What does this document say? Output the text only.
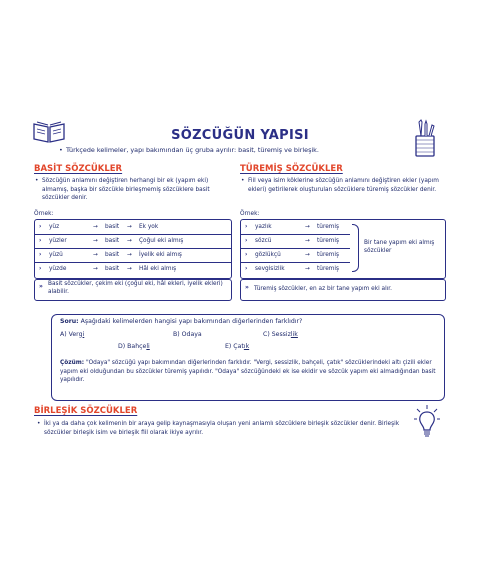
SÖZCÜĞÜN YAPISI
• Türkçede kelimeler, yapı bakımından üç gruba ayrılır: basit, türemiş ve birleşik.
BASİT SÖZCÜKLER
• Sözcüğün anlamını değiştiren herhangi bir ek (yapım eki) almamış, başka bir sözcükle birleşmemiş sözcüklere basit sözcükler denir.
Örnek:
› yüz	→ basit → Ek yok
› yüzler	→ basit → Çoğul eki almış
› yüzü	→ basit → İyelik eki almış
› yüzde	→ basit → Hâl eki almış
» Basit sözcükler, çekim eki (çoğul eki, hâl ekleri, iyelik ekleri) alabilir.
TÜREMİŞ SÖZCÜKLER
• Fiil veya isim köklerine sözcüğün anlamını değiştiren ekler (yapım ekleri) getirilerek oluşturulan sözcüklere türemiş sözcükler denir.
Örnek:
› yazlık	→ türemiş
› sözcü	→ türemiş
› gözlükçü	→ türemiş
› sevgisizlik	→ türemiş
Bir tane yapım eki almış sözcükler
» Türemiş sözcükler, en az bir tane yapım eki alır.
Soru: Aşağıdaki kelimelerden hangisi yapı bakımından diğerlerinden farklıdır?
A) Vergi	B) Odaya	C) Sessizlik
D) Bahçeli	E) Çatık
Çözüm: "Odaya" sözcüğü yapı bakımından diğerlerinden farklıdır. "Vergi, sessizlik, bahçeli, çatık" sözcüklerindeki altı çizili ekler yapım eki olduğundan bu sözcükler türemiş yapılıdır. "Odaya" sözcüğündeki ek ise ekidir ve sözcük yapım eki almadığından basit yapılıdır.
BİRLEŞİK SÖZCÜKLER
• İki ya da daha çok kelimenin bir araya gelip kaynaşmasıyla oluşan yeni anlamlı sözcüklere birleşik sözcükler denir. Birleşik sözcükler birleşik isim ve birleşik fiil olarak ikiye ayrılır.
